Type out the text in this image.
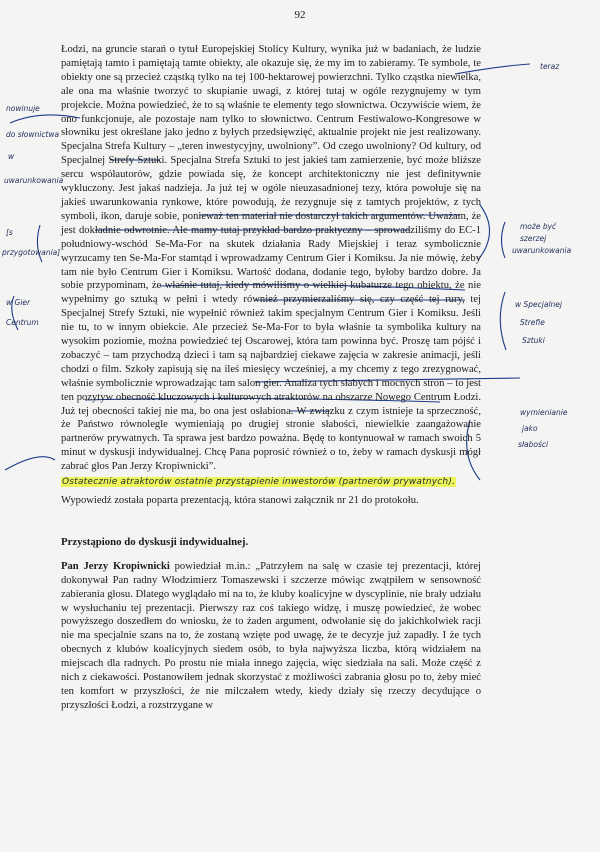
92

Łodzi, na gruncie starań o tytuł Europejskiej Stolicy Kultury, wynika już w badaniach, że ludzie pamiętają tamto i pamiętają tamte obiekty, ale okazuje się, że my im to zabieramy. Te symbole, te obiekty one są przecież cząstką tylko na tej 100-hektarowej powierzchni. Tylko cząstka niewielka, ale ona ma właśnie tworzyć to skupianie uwagi, z której tutaj w ogóle rezygnujemy w tym projekcie. Można powiedzieć, że to są właśnie te elementy tego słownictwa. Oczywiście wiem, że ono funkcjonuje, ale pozostaje nam tylko to słownictwo. Centrum Festiwalowo-Kongresowe w słowniku jest określane jako jedno z byłych przedsięwzięć, aktualnie projekt nie jest realizowany. Specjalna Strefa Kultury – „teren inwestycyjny, uwolniony”. Od czego uwolniony? Od kultury, od Specjalnej Strefy Sztuki. Specjalna Strefa Sztuki to jest jakieś tam zamierzenie, być może bliższe sercu współautorów, gdzie powiada się, że koncept architektoniczny nie jest definitywnie wykluczony. Jest jakaś nadzieja. Ja już tej w ogóle nieuzasadnionej tezy, która powołuje się na jakieś uwarunkowania rynkowe, które powodują, że rezygnuje się z tamtych projektów, z tych symboli, ikon, daruje sobie, ponieważ ten materiał nie dostarczył takich argumentów. Uważam, że jest dokładnie odwrotnie. Ale mamy tutaj przykład bardzo praktyczny – sprowadziliśmy do EC-1 południowy-wschód Se-Ma-For na skutek działania Rady Miejskiej i teraz symbolicznie wyrzucamy ten Se-Ma-For stamtąd i wprowadzamy Centrum Gier i Komiksu. Ja nie mówię, żeby tam nie było Centrum Gier i Komiksu. Wartość dodana, dodanie tego, byłoby bardzo dobre. Ja sobie przypominam, że właśnie tutaj, kiedy mówiliśmy o wielkiej kubaturze tego obiektu, że nie wypełnimy go sztuką w pełni i wtedy również przymierzaliśmy się, czy część tej rury, tej Specjalnej Strefy Sztuki, nie wypełnić również takim specjalnym Centrum Gier i Komiksu. Jeśli nie tu, to w innym obiekcie. Ale przecież Se-Ma-For to była właśnie ta symbolika kultury na wysokim poziomie, można powiedzieć tej Oscarowej, która tam powinna być. Proszę tam pójść i zobaczyć – tam przychodzą dzieci i tam są najbardziej ciekawe zajęcia w zakresie animacji, jeśli chodzi o film. Szkoły zapisują się na ileś miesięcy wcześniej, a my chcemy z tego zrezygnować, właśnie symbolicznie wprowadzając tam salon gier. Analiza tych słabych i mocnych stron – to jest ten pozytyw obecność kluczowych i kulturowych atraktorów na obszarze Nowego Centrum Łodzi. Już tej obecności takiej nie ma, bo ona jest osłabiona. W związku z czym istnieje ta sprzeczność, że Państwo równolegle wymieniają po drugiej stronie słabości, niewielkie zaangażowanie partnerów prywatnych. Ta sprawa jest bardzo poważna. Będę to kontynuował w ramach swoich 5 minut w dyskusji indywidualnej. Chcę Pana poprosić również o to, żeby w ramach dyskusji mógł zabrać głos Pan Jerzy Kropiwnicki”.

Ostatecznie atraktorów ostatnie przystąpienie inwestorów (partnerów prywatnych).

Wypowiedź została poparta prezentacją, która stanowi załącznik nr 21 do protokołu.

Przystąpiono do dyskusji indywidualnej.

Pan Jerzy Kropiwnicki powiedział m.in.: „Patrzyłem na salę w czasie tej prezentacji, której dokonywał Pan radny Włodzimierz Tomaszewski i szczerze mówiąc zwątpiłem w sensowność zabierania głosu. Dlatego wyglądało mi na to, że kluby koalicyjne w dyscyplinie, nie brały udziału w wysłuchaniu tej prezentacji. Pierwszy raz coś takiego widzę, i muszę powiedzieć, że wobec powyższego doszedłem do wniosku, że to żaden argument, odwołanie się do jakichkolwiek racji nie ma specjalnie szans na to, że zostaną wzięte pod uwagę, że te decyzje już zapadły. I że tych obecnych z klubów koalicyjnych siedem osób, to była najwyższa liczba, którą widziałem na miejscach dla radnych. Po prostu nie miała innego zajęcia, więc siedziała na sali. Może część z nich z ciekawości. Postanowiłem jednak skorzystać z możliwości zabrania głosu po to, żeby mieć ten komfort w przyszłości, że nie milczałem wtedy, kiedy działy się rzeczy decydujące o przyszłości Łodzi, a rozstrzygane w

teraz
nowinuje
do słownictwa
w
uwarunkowania
[s
przygotowania]
może być
szerzej
uwarunkowania
w Gier
Centrum
w Specjalnej
Strefie
Sztuki
wymienianie
jako
słabości
